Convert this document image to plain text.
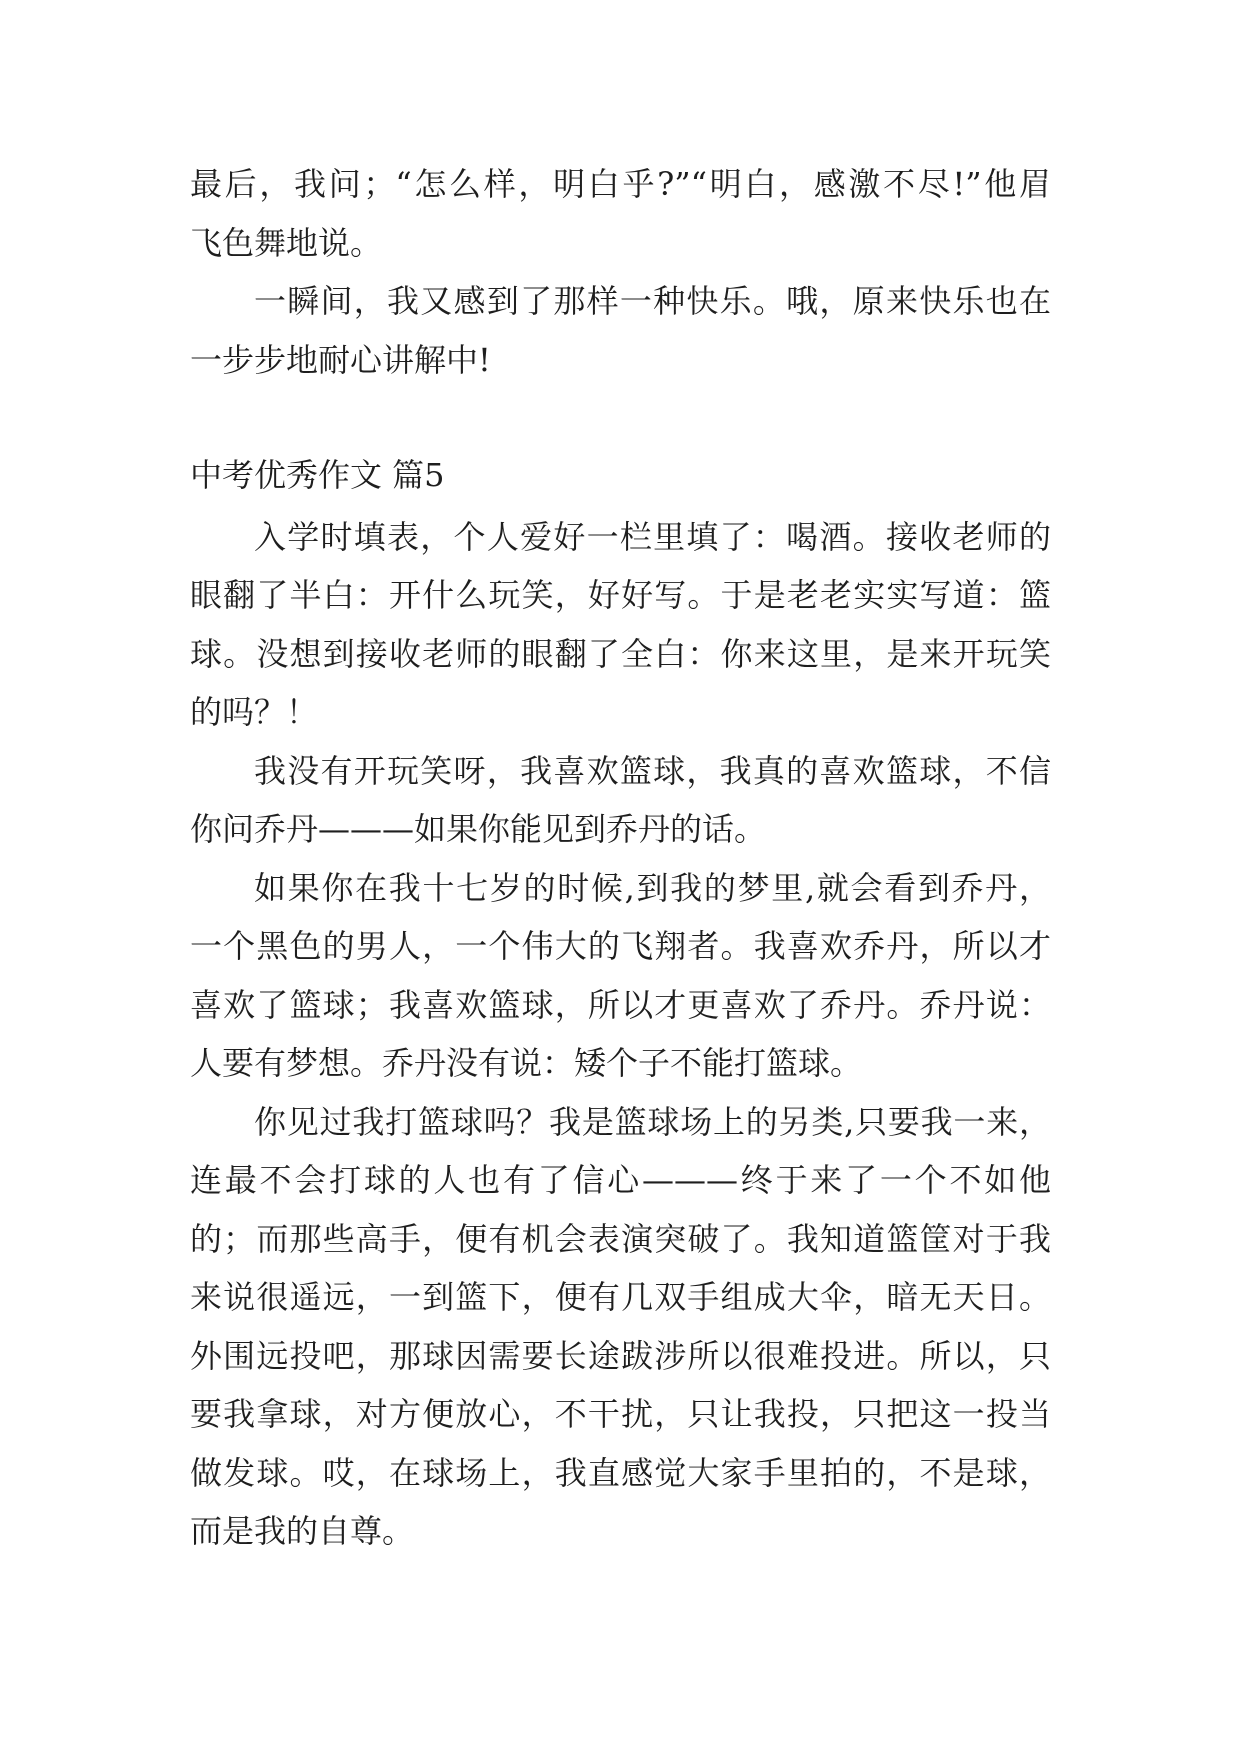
最后，我问；“怎么样，明白乎?”“明白，感激不尽!”他眉
飞色舞地说。
一瞬间，我又感到了那样一种快乐。哦，原来快乐也在
一步步地耐心讲解中!
中考优秀作文 篇5
入学时填表，个人爱好一栏里填了：喝酒。接收老师的
眼翻了半白：开什么玩笑，好好写。于是老老实实写道：篮
球。没想到接收老师的眼翻了全白：你来这里，是来开玩笑
的吗？！
我没有开玩笑呀，我喜欢篮球，我真的喜欢篮球，不信
你问乔丹———如果你能见到乔丹的话。
如果你在我十七岁的时候,到我的梦里,就会看到乔丹，
一个黑色的男人，一个伟大的飞翔者。我喜欢乔丹，所以才
喜欢了篮球；我喜欢篮球，所以才更喜欢了乔丹。乔丹说：
人要有梦想。乔丹没有说：矮个子不能打篮球。
你见过我打篮球吗？我是篮球场上的另类,只要我一来，
连最不会打球的人也有了信心———终于来了一个不如他
的；而那些高手，便有机会表演突破了。我知道篮筐对于我
来说很遥远，一到篮下，便有几双手组成大伞，暗无天日。
外围远投吧，那球因需要长途跋涉所以很难投进。所以，只
要我拿球，对方便放心，不干扰，只让我投，只把这一投当
做发球。哎，在球场上，我直感觉大家手里拍的，不是球，
而是我的自尊。
